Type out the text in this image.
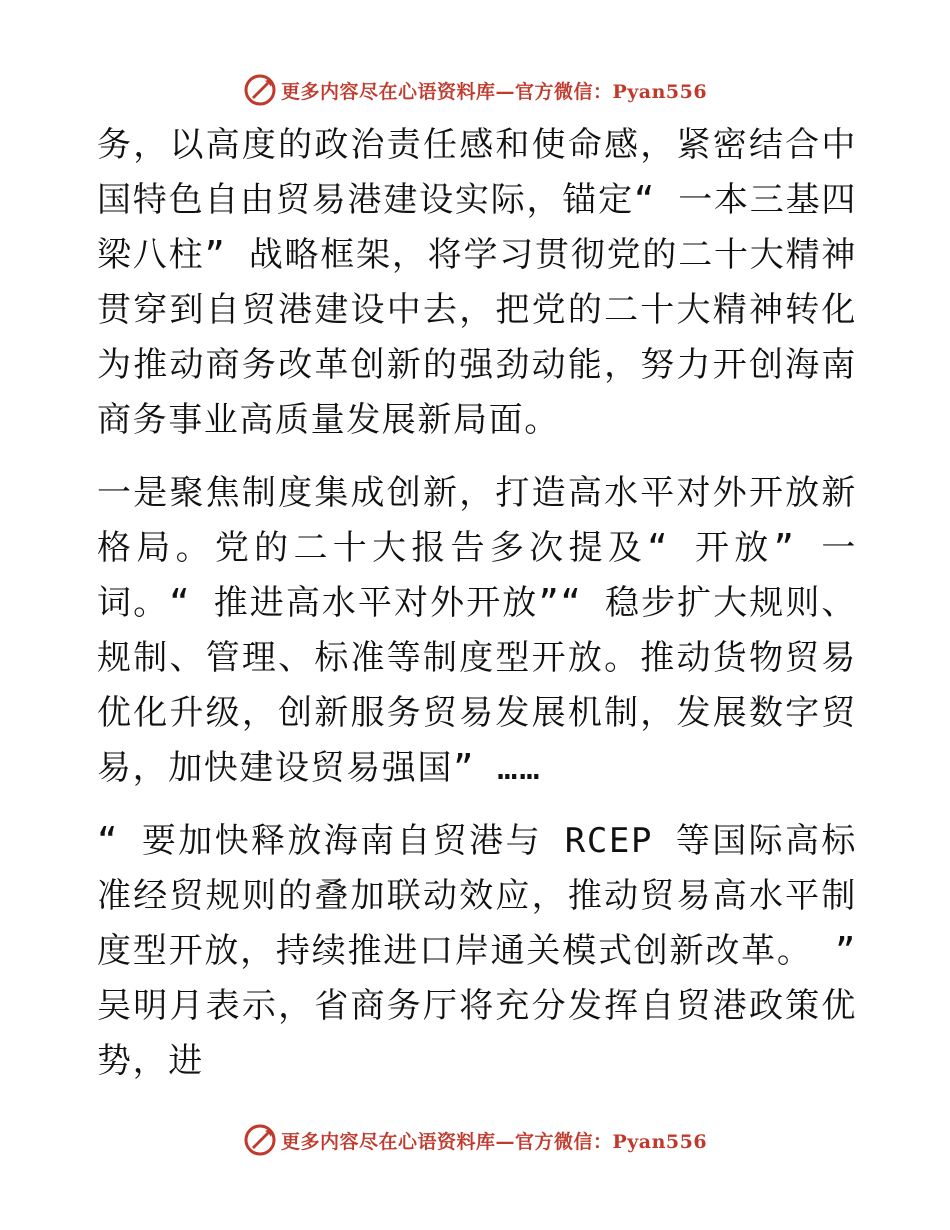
更多内容尽在心语资料库—官方微信：Pyan556

务，以高度的政治责任感和使命感，紧密结合中国特色自由贸易港建设实际，锚定“ 一本三基四梁八柱” 战略框架，将学习贯彻党的二十大精神贯穿到自贸港建设中去，把党的二十大精神转化为推动商务改革创新的强劲动能，努力开创海南商务事业高质量发展新局面。

一是聚焦制度集成创新，打造高水平对外开放新格局。党的二十大报告多次提及“ 开放” 一词。“ 推进高水平对外开放”“ 稳步扩大规则、规制、管理、标准等制度型开放。推动货物贸易优化升级，创新服务贸易发展机制，发展数字贸易，加快建设贸易强国” ……

“ 要加快释放海南自贸港与 RCEP 等国际高标准经贸规则的叠加联动效应，推动贸易高水平制度型开放，持续推进口岸通关模式创新改革。 ” 吴明月表示，省商务厅将充分发挥自贸港政策优势，进

更多内容尽在心语资料库—官方微信：Pyan556
